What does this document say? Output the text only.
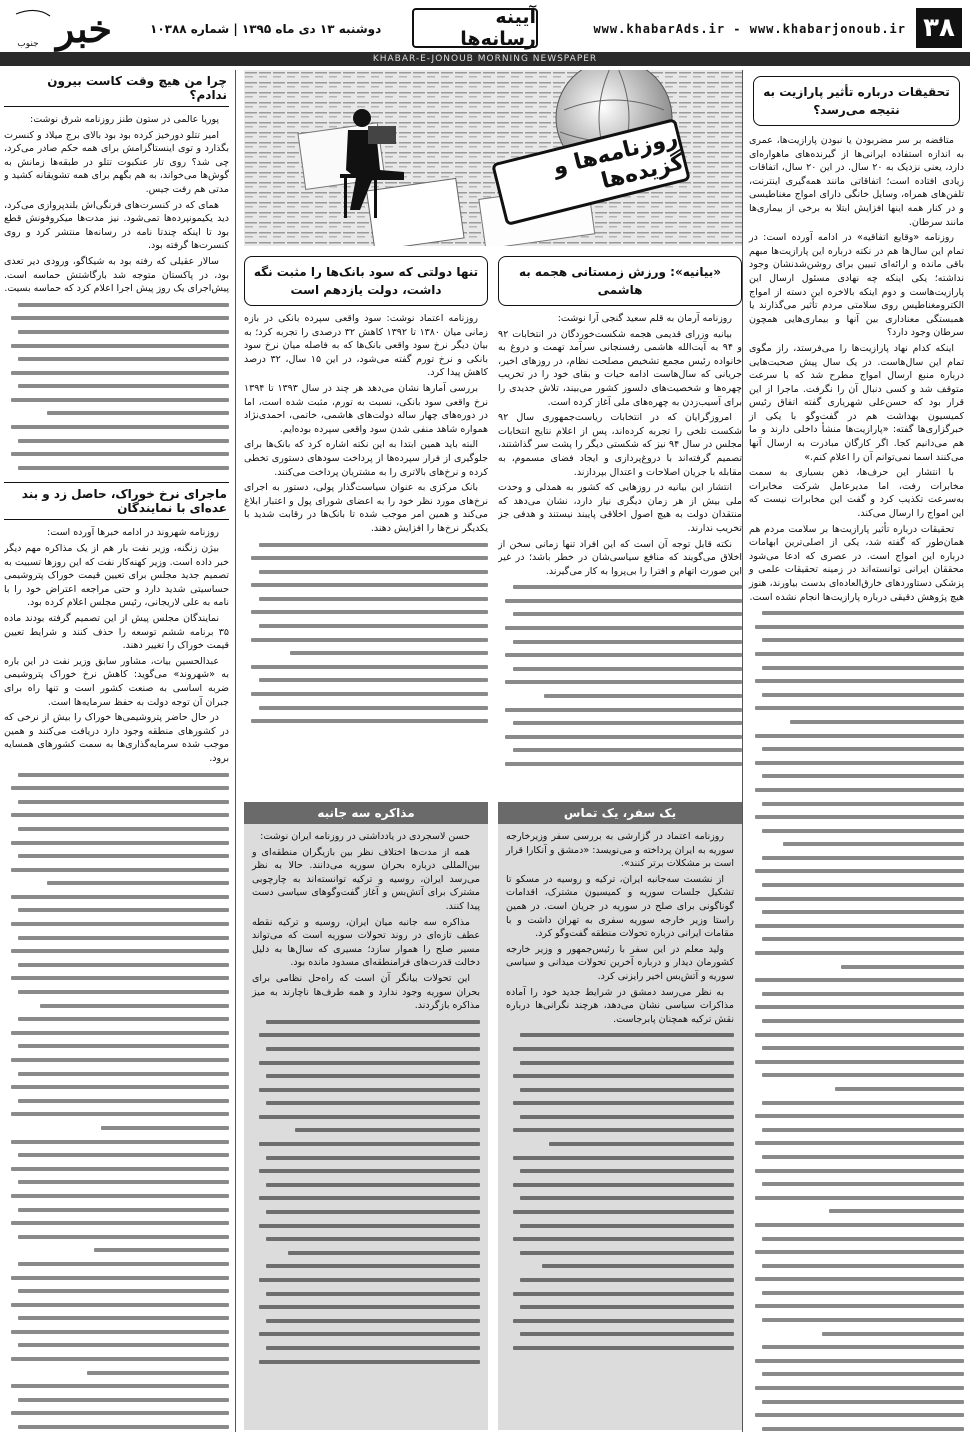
۳۸
www.khabarAds.ir - www.khabarjonoub.ir
آیینه رسانه‌ها
دوشنبه ۱۳ دی ماه ۱۳۹۵ | شماره ۱۰۳۸۸
خبر
جنوب
KHABAR-E-JONOUB MORNING NEWSPAPER
تحقیقات درباره تأثیر پارازیت به نتیجه می‌رسد؟

متاقضه بر سر مضربودن یا نبودن پارازیت‌ها، عمری به اندازه استفاده ایرانی‌ها از گیرنده‌های ماهواره‌ای دارد، یعنی نزدیک به ۲۰ سال. در این ۲۰ سال، اتفاقات زیادی افتاده است؛ اتفاقاتی مانند همه‌گیری اینترنت، تلفن‌های همراه، وسایل خانگی دارای امواج مغناطیسی و در کنار همه اینها افزایش ابتلا به برخی از بیماری‌ها مانند سرطان.

روزنامه «وقایع اتفاقیه» در ادامه آورده است: در تمام این سال‌ها هم در نکته درباره این پارازیت‌ها مبهم باقی مانده و ارائه‌ای تبیین برای روشن‌شدنشان وجود نداشته؛ یکی اینکه چه نهادی مسئول ارسال این پارازیت‌هاست و دوم اینکه بالاخره این دسته از امواج الکترومغناطیس روی سلامتی مردم تأثیر می‌گذارند یا همبستگی معناداری بین آنها و بیماری‌هایی همچون سرطان وجود دارد؟

اینکه کدام نهاد پارازیت‌ها را می‌فرستد، راز مگوی تمام این سال‌هاست. در یک سال پیش صحبت‌هایی درباره منبع ارسال امواج مطرح شد که با سرعت متوقف شد و کسی دنبال آن را نگرفت. ماجرا از این قرار بود که حسن‌علی شهریاری گفته اتفاق رئیس کمیسیون بهداشت هم در گفت‌وگو با یکی از خبرگزاری‌ها گفته: «پارازیت‌ها منشأ داخلی دارند و ما هم می‌دانیم کجا. اگر کارگان مبادرت به ارسال آنها می‌کنند اسما نمی‌توانم آن را اعلام کنم.»

با انتشار این حرف‌ها، ذهن بسیاری به سمت مخابرات رفت، اما مدیرعامل شرکت مخابرات به‌سرعت تکذیب کرد و گفت این مخابرات نیست که این امواج را ارسال می‌کند.

تحقیقات درباره تأثیر پارازیت‌ها بر سلامت مردم هم همان‌طور که گفته شد، یکی از اصلی‌ترین ابهامات درباره این امواج است. در عصری که ادعا می‌شود محققان ایرانی توانسته‌اند در زمینه تحقیقات علمی و پزشکی دستاوردهای خارق‌العاده‌ای بدست بیاورند، هنوز هیچ پژوهش دقیقی درباره پارازیت‌ها انجام نشده است.

چرا من هیچ وقت کاست بیرون ندادم؟

پوریا عالمی در ستون طنز روزنامه شرق نوشت:

امیر تتلو دورخیز کرده بود بود بالای برج میلاد و کنسرت بگذارد و توی اینستاگرامش برای همه حکم صادر می‌کرد، چی شد؟ روی تار عنکبوت تتلو در طبقه‌ها زمانش به گوش‌ها می‌خواند، به هم بگهم برای همه تشویقانه کشید و مدتی هم رفت جیس.

همای که در کنسرت‌های فرنگی‌اش بلندپروازی می‌کرد، دید یکیمونپرده‌ها تمی‌شود. نیز مدت‌ها میکروفونش قطع بود تا اینکه چندتا نامه در رسانه‌ها منتشر کرد و روی کنسرت‌ها گرفته بود.

سالار عقیلی که رفته بود به شیکاگو، ورودی دیر تعدی بود، در پاکستان متوجه شد بارگاشتش حماسه است. پیش‌اجرای یک روز پیش اجرا اعلام کرد که حماسه بسیت.

ماجرای نرخ خوراک، حاصل زد و بند عده‌ای با نمایندگان

روزنامه شهروند در ادامه خبرها آورده است:

بیژن زنگنه، وزیر نفت بار هم از یک مذاکره مهم دیگر خبر داده است. وزیر کهنه‌کار نفت که این روزها تسبیت به تصمیم جدید مجلس برای تعیین قیمت خوراک پتروشیمی حساسیتی شدید دارد و حتی مراجعه اعتراض خود را با نامه به علی لاریجانی، رئیس مجلس اعلام کرده بود.

نمایندگان مجلس پیش از این تصمیم گرفته بودند ماده ۳۵ برنامه ششم توسعه را حذف کنند و شرایط تعیین قیمت خوراک را تغییر دهند.

عبدالحسین بیات، مشاور سابق وزیر نفت در این باره به «شهروند» می‌گوید: کاهش نرخ خوراک پتروشیمی ضربه اساسی به صنعت کشور است و تنها راه برای جبران آن توجه دولت به حفظ سرمایه‌ها است.

در حال حاضر پتروشیمی‌ها خوراک را بیش از نرخی که در کشورهای منطقه وجود دارد دریافت می‌کنند و همین موجب شده سرمایه‌گذاری‌ها به سمت کشورهای همسایه برود.

روزنامه‌ها و گزیده‌ها
«بیانیه»: ورزش زمستانی هجمه به هاشمی

روزنامه آرمان به قلم سعید گنجی آرا نوشت:

بیانیه وزرای قدیمی هجمه شکست‌خوردگان در انتخابات ۹۲ و ۹۴ به آیت‌الله هاشمی رفسنجانی سرآمد تهمت و دروغ به خانواده رئیس مجمع تشخیص مصلحت نظام، در روزهای اخیر، جریانی که سال‌هاست ادامه حیات و بقای خود را در تخریب چهره‌ها و شخصیت‌های دلسوز کشور می‌بیند، تلاش جدیدی را برای آسیب‌زدن به چهره‌های ملی آغاز کرده است.

امروزگرایان که در انتخابات ریاست‌جمهوری سال ۹۲ شکست تلخی را تجربه کرده‌اند، پس از اعلام نتایج انتخابات مجلس در سال ۹۴ نیز که شکستی دیگر را پشت سر گذاشتند، تصمیم گرفته‌اند با دروغ‌پردازی و ایجاد فضای مسموم، به مقابله با جریان اصلاحات و اعتدال بپردازند.

انتشار این بیانیه در روزهایی که کشور به همدلی و وحدت ملی بیش از هر زمان دیگری نیاز دارد، نشان می‌دهد که منتقدان دولت به هیچ اصول اخلاقی پایبند نیستند و هدفی جز تخریب ندارند.

نکته قابل توجه آن است که این افراد تنها زمانی سخن از اخلاق می‌گویند که منافع سیاسی‌شان در خطر باشد؛ در غیر این صورت اتهام و افترا را بی‌پروا به کار می‌گیرند.

تنها دولتی که سود بانک‌ها را مثبت نگه داشت، دولت یازدهم است

روزنامه اعتماد نوشت: سود واقعی سپرده بانکی در بازه زمانی میان ۱۳۸۰ تا ۱۳۹۲ کاهش ۳۲ درصدی را تجربه کرد؛ به بیان دیگر نرخ سود واقعی بانک‌ها که به فاصله میان نرخ سود بانکی و نرخ تورم گفته می‌شود، در این ۱۵ سال، ۳۲ درصد کاهش پیدا کرد.

بررسی آمارها نشان می‌دهد هر چند در سال ۱۳۹۳ تا ۱۳۹۴ نرخ واقعی سود بانکی، نسبت به تورم، مثبت شده است، اما در دوره‌های چهار ساله دولت‌های هاشمی، خاتمی، احمدی‌نژاد همواره شاهد منفی شدن سود واقعی سپرده بوده‌ایم.

البته باید همین ابتدا به این نکته اشاره کرد که بانک‌ها برای جلوگیری از فرار سپرده‌ها از پرداخت سودهای دستوری تخطی کرده و نرخ‌های بالاتری را به مشتریان پرداخت می‌کنند.

بانک مرکزی به عنوان سیاست‌گذار پولی، دستور به اجرای نرخ‌های مورد نظر خود را به اعضای شورای پول و اعتبار ابلاغ می‌کند و همین امر موجب شده تا بانک‌ها در رقابت شدید با یکدیگر نرخ‌ها را افزایش دهند.

یک سفر، یک تماس

روزنامه اعتماد در گزارشی به بررسی سفر وزیرخارجه سوریه به ایران پرداخته و می‌نویسد: «دمشق و آنکارا قرار است بر مشکلات برتر کنند».

از نشست سه‌جانبه ایران، ترکیه و روسیه در مسکو تا تشکیل جلسات سوریه و کمیسیون مشترک، اقدامات گوناگونی برای صلح در سوریه در جریان است. در همین راستا وزیر خارجه سوریه سفری به تهران داشت و با مقامات ایرانی درباره تحولات منطقه گفت‌وگو کرد.

ولید معلم در این سفر با رئیس‌جمهور و وزیر خارجه کشورمان دیدار و درباره آخرین تحولات میدانی و سیاسی سوریه و آتش‌بس اخیر رایزنی کرد.

به نظر می‌رسد دمشق در شرایط جدید خود را آماده مذاکرات سیاسی نشان می‌دهد، هرچند نگرانی‌ها درباره نقش ترکیه همچنان پابرجاست.

مذاکره سه جانبه

حسن لاسجردی در یادداشتی در روزنامه ایران نوشت:

همه از مدت‌ها اختلاف نظر بین بازیگران منطقه‌ای و بین‌المللی درباره بحران سوریه می‌دانند. حالا به نظر می‌رسد ایران، روسیه و ترکیه توانسته‌اند به چارچوبی مشترک برای آتش‌بس و آغاز گفت‌وگوهای سیاسی دست پیدا کنند.

مذاکره سه جانبه میان ایران، روسیه و ترکیه نقطه عطف تازه‌ای در روند تحولات سوریه است که می‌تواند مسیر صلح را هموار سازد؛ مسیری که سال‌ها به دلیل دخالت قدرت‌های فرامنطقه‌ای مسدود مانده بود.

این تحولات بیانگر آن است که راه‌حل نظامی برای بحران سوریه وجود ندارد و همه طرف‌ها ناچارند به میز مذاکره بازگردند.
